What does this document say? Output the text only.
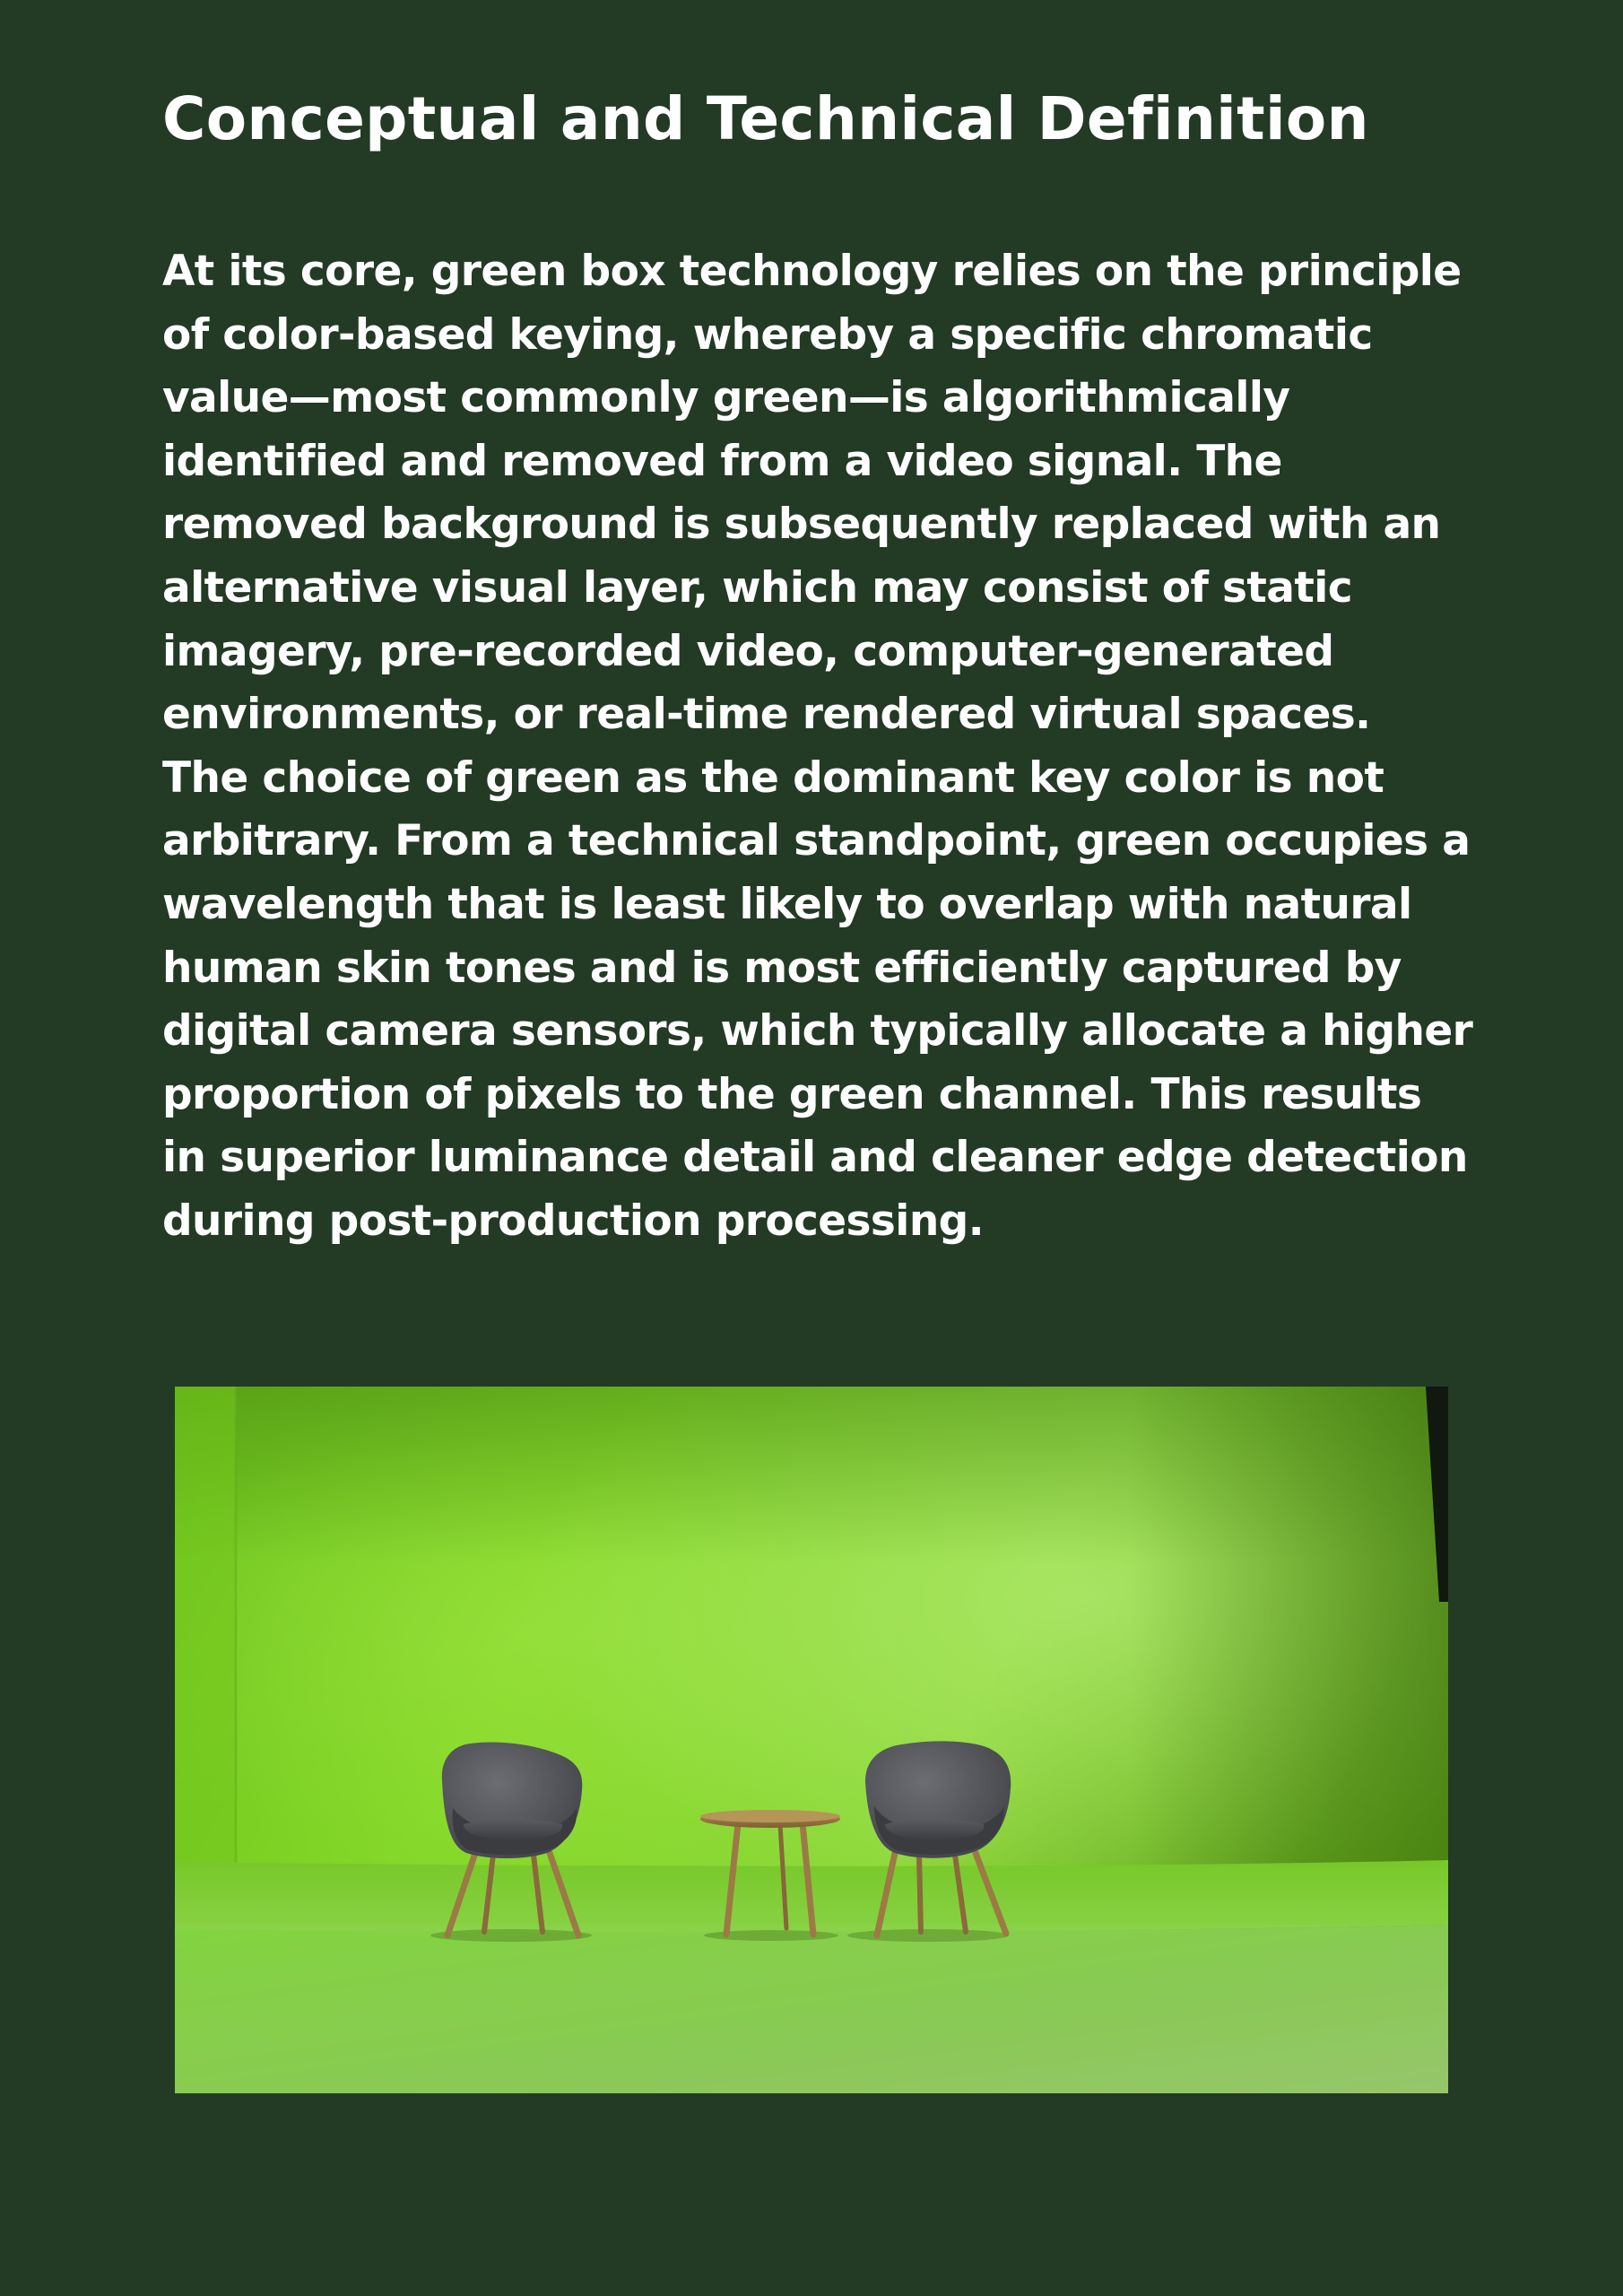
Conceptual and Technical Definition
At its core, green box technology relies on the principle
of color-based keying, whereby a specific chromatic
value—most commonly green—is algorithmically
identified and removed from a video signal. The
removed background is subsequently replaced with an
alternative visual layer, which may consist of static
imagery, pre-recorded video, computer-generated
environments, or real-time rendered virtual spaces.
The choice of green as the dominant key color is not
arbitrary. From a technical standpoint, green occupies a
wavelength that is least likely to overlap with natural
human skin tones and is most efficiently captured by
digital camera sensors, which typically allocate a higher
proportion of pixels to the green channel. This results
in superior luminance detail and cleaner edge detection
during post-production processing.
